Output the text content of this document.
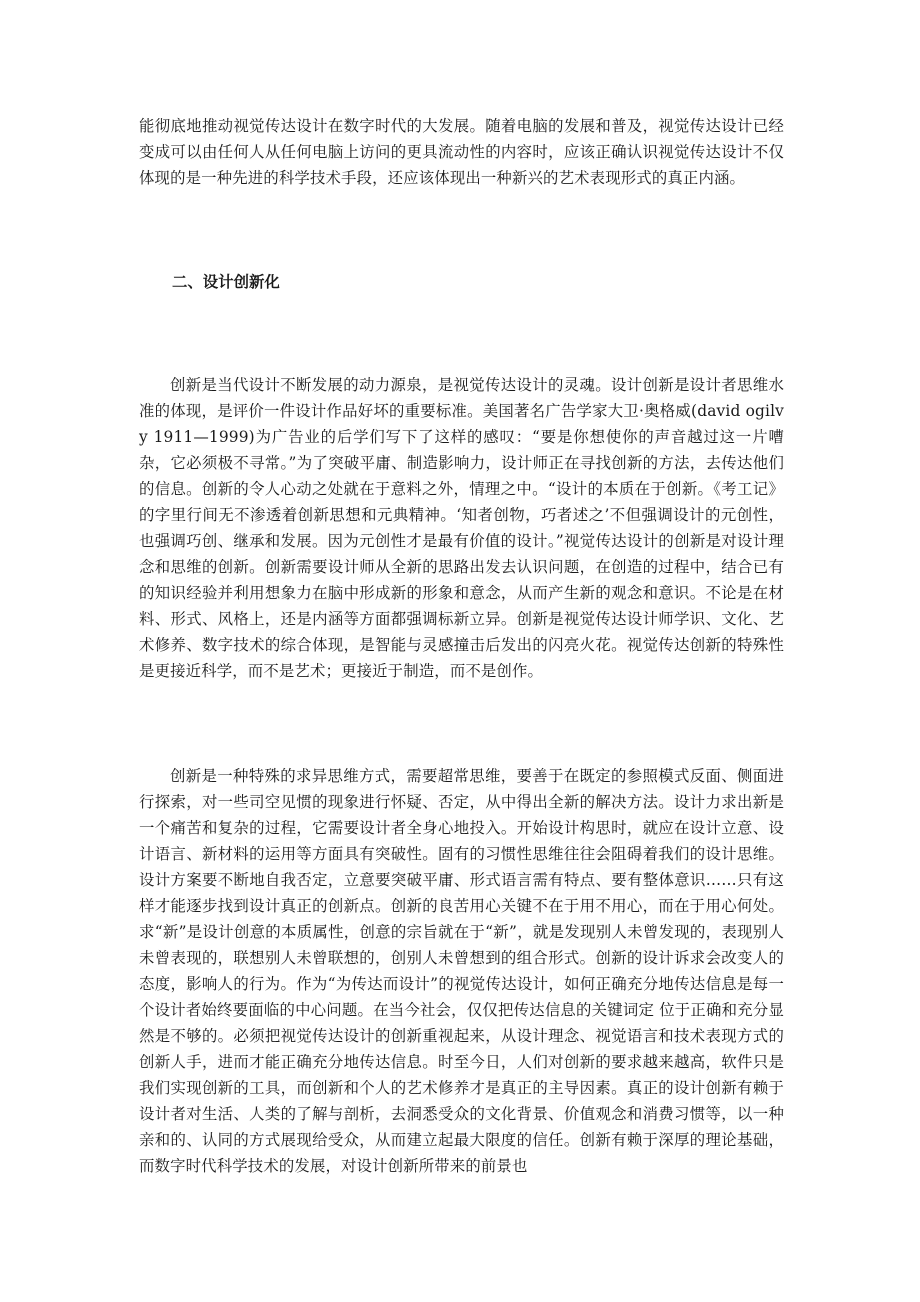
能彻底地推动视觉传达设计在数字时代的大发展。随着电脑的发展和普及，视觉传达设计已经变成可以由任何人从任何电脑上访问的更具流动性的内容时，应该正确认识视觉传达设计不仅体现的是一种先进的科学技术手段，还应该体现出一种新兴的艺术表现形式的真正内涵。

二、设计创新化

创新是当代设计不断发展的动力源泉，是视觉传达设计的灵魂。设计创新是设计者思维水准的体现，是评价一件设计作品好坏的重要标准。美国著名广告学家大卫·奥格威(david ogilvy 1911—1999)为广告业的后学们写下了这样的感叹：“要是你想使你的声音越过这一片嘈杂，它必须极不寻常。”为了突破平庸、制造影响力，设计师正在寻找创新的方法，去传达他们的信息。创新的令人心动之处就在于意料之外，情理之中。“设计的本质在于创新。《考工记》的字里行间无不渗透着创新思想和元典精神。‘知者创物，巧者述之’不但强调设计的元创性，也强调巧创、继承和发展。因为元创性才是最有价值的设计。”视觉传达设计的创新是对设计理念和思维的创新。创新需要设计师从全新的思路出发去认识问题，在创造的过程中，结合已有的知识经验并利用想象力在脑中形成新的形象和意念，从而产生新的观念和意识。不论是在材料、形式、风格上，还是内涵等方面都强调标新立异。创新是视觉传达设计师学识、文化、艺术修养、数字技术的综合体现，是智能与灵感撞击后发出的闪亮火花。视觉传达创新的特殊性是更接近科学，而不是艺术；更接近于制造，而不是创作。

创新是一种特殊的求异思维方式，需要超常思维，要善于在既定的参照模式反面、侧面进行探索，对一些司空见惯的现象进行怀疑、否定，从中得出全新的解决方法。设计力求出新是一个痛苦和复杂的过程，它需要设计者全身心地投入。开始设计构思时，就应在设计立意、设计语言、新材料的运用等方面具有突破性。固有的习惯性思维往往会阻碍着我们的设计思维。设计方案要不断地自我否定，立意要突破平庸、形式语言需有特点、要有整体意识……只有这样才能逐步找到设计真正的创新点。创新的良苦用心关键不在于用不用心，而在于用心何处。求“新”是设计创意的本质属性，创意的宗旨就在于“新”，就是发现别人未曾发现的，表现别人未曾表现的，联想别人未曾联想的，创别人未曾想到的组合形式。创新的设计诉求会改变人的态度，影响人的行为。作为“为传达而设计”的视觉传达设计，如何正确充分地传达信息是每一个设计者始终要面临的中心问题。在当今社会，仅仅把传达信息的关键词定 位于正确和充分显然是不够的。必须把视觉传达设计的创新重视起来，从设计理念、视觉语言和技术表现方式的创新人手，进而才能正确充分地传达信息。时至今日，人们对创新的要求越来越高，软件只是我们实现创新的工具，而创新和个人的艺术修养才是真正的主导因素。真正的设计创新有赖于设计者对生活、人类的了解与剖析，去洞悉受众的文化背景、价值观念和消费习惯等，以一种亲和的、认同的方式展现给受众，从而建立起最大限度的信任。创新有赖于深厚的理论基础，而数字时代科学技术的发展，对设计创新所带来的前景也
